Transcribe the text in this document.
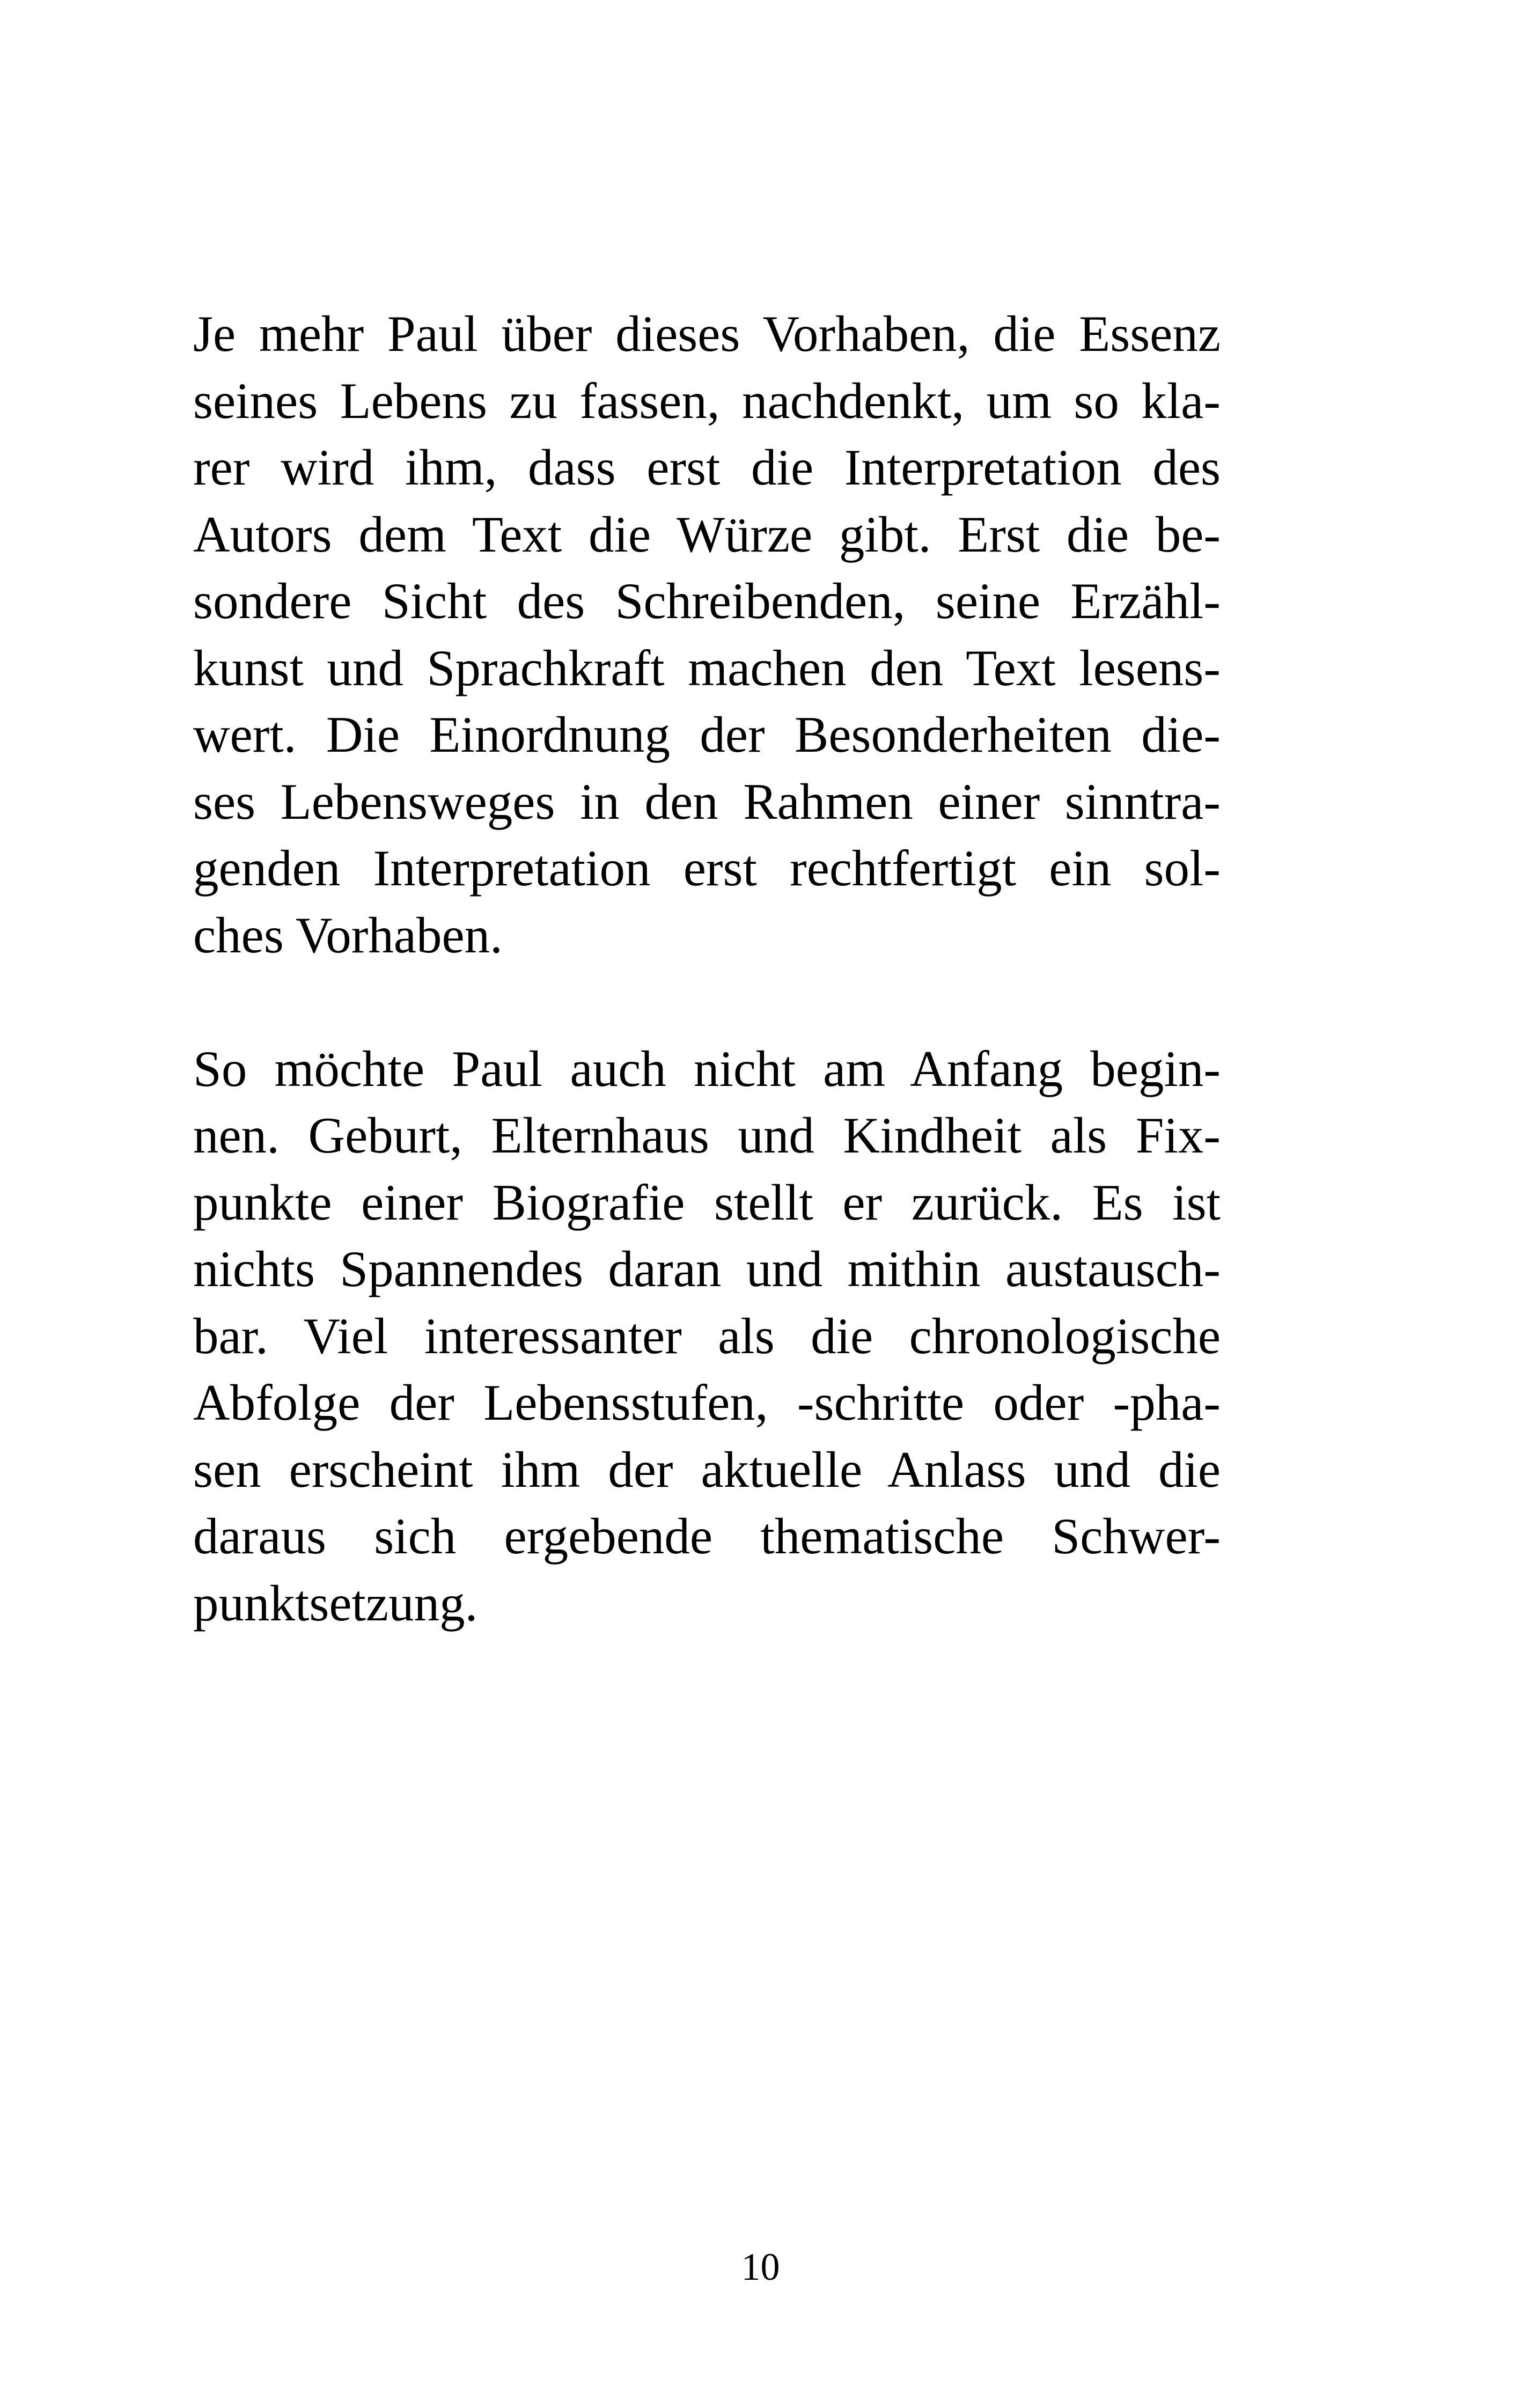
Je mehr Paul über dieses Vorhaben, die Essenz
seines Lebens zu fassen, nachdenkt, um so kla-
rer wird ihm, dass erst die Interpretation des
Autors dem Text die Würze gibt. Erst die be-
sondere Sicht des Schreibenden, seine Erzähl-
kunst und Sprachkraft machen den Text lesens-
wert. Die Einordnung der Besonderheiten die-
ses Lebensweges in den Rahmen einer sinntra-
genden Interpretation erst rechtfertigt ein sol-
ches Vorhaben.

So möchte Paul auch nicht am Anfang begin-
nen. Geburt, Elternhaus und Kindheit als Fix-
punkte einer Biografie stellt er zurück. Es ist
nichts Spannendes daran und mithin austausch-
bar. Viel interessanter als die chronologische
Abfolge der Lebensstufen, -schritte oder -pha-
sen erscheint ihm der aktuelle Anlass und die
daraus sich ergebende thematische Schwer-
punktsetzung.

10
